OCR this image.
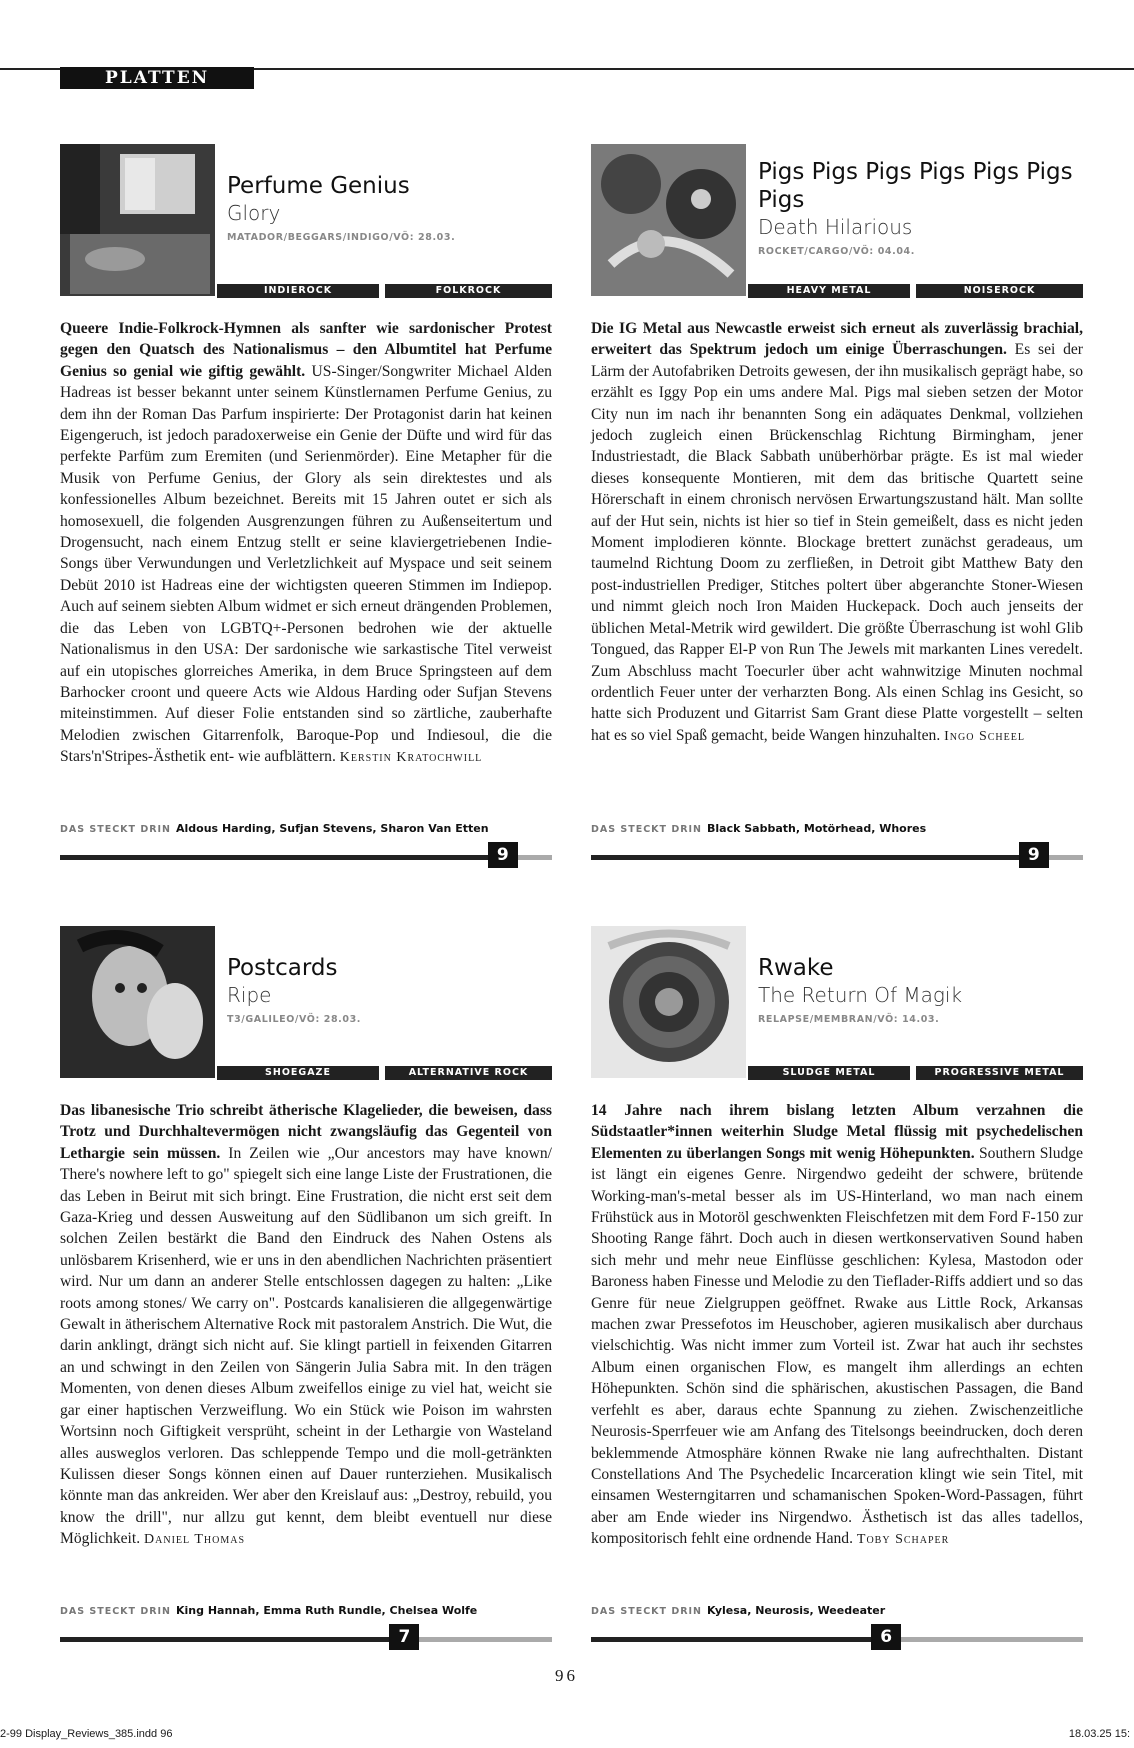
PLATTEN
Perfume Genius
Glory
MATADOR/BEGGARS/INDIGO/VÖ: 28.03.
INDIEROCK	FOLKROCK
Queere Indie-Folkrock-Hymnen als sanfter wie sardonischer Protest gegen den Quatsch des Nationalismus – den Albumtitel hat Perfume Genius so genial wie giftig gewählt. US-Singer/Songwriter Michael Alden Hadreas ist besser bekannt unter seinem Künstlernamen Perfume Genius, zu dem ihn der Roman Das Parfum inspirierte: Der Protagonist darin hat keinen Eigengeruch, ist jedoch paradoxerweise ein Genie der Düfte und wird für das perfekte Parfüm zum Eremiten (und Serienmörder). Eine Metapher für die Musik von Perfume Genius, der Glory als sein direktestes und als konfessionelles Album bezeichnet. Bereits mit 15 Jahren outet er sich als homosexuell, die folgenden Ausgrenzungen führen zu Außenseitertum und Drogensucht, nach einem Entzug stellt er seine klaviergetriebenen Indie-Songs über Verwundungen und Verletzlichkeit auf Myspace und seit seinem Debüt 2010 ist Hadreas eine der wichtigsten queeren Stimmen im Indiepop. Auch auf seinem siebten Album widmet er sich erneut drängenden Problemen, die das Leben von LGBTQ+-Personen bedrohen wie der aktuelle Nationalismus in den USA: Der sardonische wie sarkastische Titel verweist auf ein utopisches glorreiches Amerika, in dem Bruce Springsteen auf dem Barhocker croont und queere Acts wie Aldous Harding oder Sufjan Stevens miteinstimmen. Auf dieser Folie entstanden sind so zärtliche, zauberhafte Melodien zwischen Gitarrenfolk, Baroque-Pop und Indiesoul, die die Stars'n'Stripes-Ästhetik ent- wie aufblättern. Kerstin Kratochwill
DAS STECKT DRIN Aldous Harding, Sufjan Stevens, Sharon Van Etten
9
Pigs Pigs Pigs Pigs Pigs Pigs Pigs
Death Hilarious
ROCKET/CARGO/VÖ: 04.04.
HEAVY METAL	NOISEROCK
Die IG Metal aus Newcastle erweist sich erneut als zuverlässig brachial, erweitert das Spektrum jedoch um einige Überraschungen. Es sei der Lärm der Autofabriken Detroits gewesen, der ihn musikalisch geprägt habe, so erzählt es Iggy Pop ein ums andere Mal. Pigs mal sieben setzen der Motor City nun im nach ihr benannten Song ein adäquates Denkmal, vollziehen jedoch zugleich einen Brückenschlag Richtung Birmingham, jener Industriestadt, die Black Sabbath unüberhörbar prägte. Es ist mal wieder dieses konsequente Montieren, mit dem das britische Quartett seine Hörerschaft in einem chronisch nervösen Erwartungszustand hält. Man sollte auf der Hut sein, nichts ist hier so tief in Stein gemeißelt, dass es nicht jeden Moment implodieren könnte. Blockage brettert zunächst geradeaus, um taumelnd Richtung Doom zu zerfließen, in Detroit gibt Matthew Baty den post-industriellen Prediger, Stitches poltert über abgeranchte Stoner-Wiesen und nimmt gleich noch Iron Maiden Huckepack. Doch auch jenseits der üblichen Metal-Metrik wird gewildert. Die größte Überraschung ist wohl Glib Tongued, das Rapper El-P von Run The Jewels mit markanten Lines veredelt. Zum Abschluss macht Toecurler über acht wahnwitzige Minuten nochmal ordentlich Feuer unter der verharzten Bong. Als einen Schlag ins Gesicht, so hatte sich Produzent und Gitarrist Sam Grant diese Platte vorgestellt – selten hat es so viel Spaß gemacht, beide Wangen hinzuhalten. Ingo Scheel
DAS STECKT DRIN Black Sabbath, Motörhead, Whores
9
Postcards
Ripe
T3/GALILEO/VÖ: 28.03.
SHOEGAZE	ALTERNATIVE ROCK
Das libanesische Trio schreibt ätherische Klagelieder, die beweisen, dass Trotz und Durchhaltevermögen nicht zwangsläufig das Gegenteil von Lethargie sein müssen. In Zeilen wie „Our ancestors may have known/ There's nowhere left to go" spiegelt sich eine lange Liste der Frustrationen, die das Leben in Beirut mit sich bringt. Eine Frustration, die nicht erst seit dem Gaza-Krieg und dessen Ausweitung auf den Südlibanon um sich greift. In solchen Zeilen bestärkt die Band den Eindruck des Nahen Ostens als unlösbarem Krisenherd, wie er uns in den abendlichen Nachrichten präsentiert wird. Nur um dann an anderer Stelle entschlossen dagegen zu halten: „Like roots among stones/ We carry on". Postcards kanalisieren die allgegenwärtige Gewalt in ätherischem Alternative Rock mit pastoralem Anstrich. Die Wut, die darin anklingt, drängt sich nicht auf. Sie klingt partiell in feixenden Gitarren an und schwingt in den Zeilen von Sängerin Julia Sabra mit. In den trägen Momenten, von denen dieses Album zweifellos einige zu viel hat, weicht sie gar einer haptischen Verzweiflung. Wo ein Stück wie Poison im wahrsten Wortsinn noch Giftigkeit versprüht, scheint in der Lethargie von Wasteland alles ausweglos verloren. Das schleppende Tempo und die moll-getränkten Kulissen dieser Songs können einen auf Dauer runterziehen. Musikalisch könnte man das ankreiden. Wer aber den Kreislauf aus: „Destroy, rebuild, you know the drill", nur allzu gut kennt, dem bleibt eventuell nur diese Möglichkeit. Daniel Thomas
DAS STECKT DRIN King Hannah, Emma Ruth Rundle, Chelsea Wolfe
7
Rwake
The Return Of Magik
RELAPSE/MEMBRAN/VÖ: 14.03.
SLUDGE METAL	PROGRESSIVE METAL
14 Jahre nach ihrem bislang letzten Album verzahnen die Südstaatler*innen weiterhin Sludge Metal flüssig mit psychedelischen Elementen zu überlangen Songs mit wenig Höhepunkten. Southern Sludge ist längt ein eigenes Genre. Nirgendwo gedeiht der schwere, brütende Working-man's-metal besser als im US-Hinterland, wo man nach einem Frühstück aus in Motoröl geschwenkten Fleischfetzen mit dem Ford F-150 zur Shooting Range fährt. Doch auch in diesen wertkonservativen Sound haben sich mehr und mehr neue Einflüsse geschlichen: Kylesa, Mastodon oder Baroness haben Finesse und Melodie zu den Tieflader-Riffs addiert und so das Genre für neue Zielgruppen geöffnet. Rwake aus Little Rock, Arkansas machen zwar Pressefotos im Heuschober, agieren musikalisch aber durchaus vielschichtig. Was nicht immer zum Vorteil ist. Zwar hat auch ihr sechstes Album einen organischen Flow, es mangelt ihm allerdings an echten Höhepunkten. Schön sind die sphärischen, akustischen Passagen, die Band verfehlt es aber, daraus echte Spannung zu ziehen. Zwischenzeitliche Neurosis-Sperrfeuer wie am Anfang des Titelsongs beeindrucken, doch deren beklemmende Atmosphäre können Rwake nie lang aufrechthalten. Distant Constellations And The Psychedelic Incarceration klingt wie sein Titel, mit einsamen Westerngitarren und schamanischen Spoken-Word-Passagen, führt aber am Ende wieder ins Nirgendwo. Ästhetisch ist das alles tadellos, kompositorisch fehlt eine ordnende Hand. Toby Schaper
DAS STECKT DRIN Kylesa, Neurosis, Weedeater
6
96
2-99 Display_Reviews_385.indd 96	18.03.25 15:
